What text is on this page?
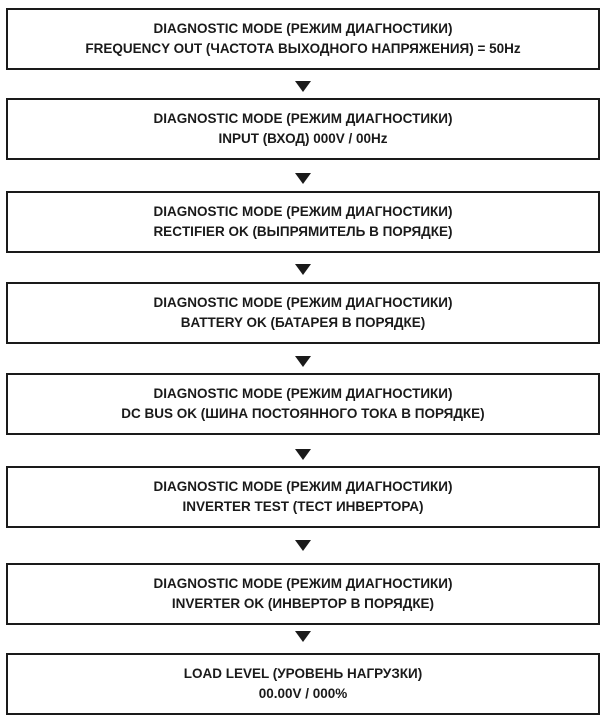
DIAGNOSTIC MODE (РЕЖИМ ДИАГНОСТИКИ)
FREQUENCY OUT (ЧАСТОТА ВЫХОДНОГО НАПРЯЖЕНИЯ) = 50Hz
DIAGNOSTIC MODE (РЕЖИМ ДИАГНОСТИКИ)
INPUT (ВХОД) 000V / 00Hz
DIAGNOSTIC MODE (РЕЖИМ ДИАГНОСТИКИ)
RECTIFIER OK (ВЫПРЯМИТЕЛЬ В ПОРЯДКЕ)
DIAGNOSTIC MODE (РЕЖИМ ДИАГНОСТИКИ)
BATTERY OK (БАТАРЕЯ В ПОРЯДКЕ)
DIAGNOSTIC MODE (РЕЖИМ ДИАГНОСТИКИ)
DC BUS OK (ШИНА ПОСТОЯННОГО ТОКА В ПОРЯДКЕ)
DIAGNOSTIC MODE (РЕЖИМ ДИАГНОСТИКИ)
INVERTER TEST (ТЕСТ ИНВЕРТОРА)
DIAGNOSTIC MODE (РЕЖИМ ДИАГНОСТИКИ)
INVERTER OK (ИНВЕРТОР В ПОРЯДКЕ)
LOAD LEVEL (УРОВЕНЬ НАГРУЗКИ)
00.00V / 000%
